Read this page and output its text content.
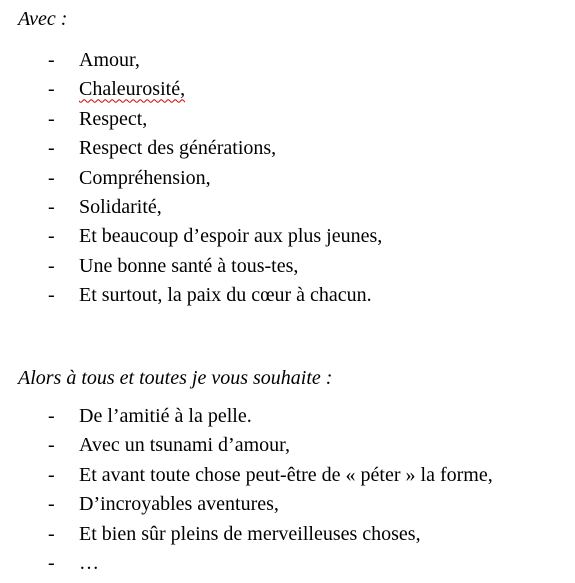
Avec :
- Amour,
- Chaleurosité,
- Respect,
- Respect des générations,
- Compréhension,
- Solidarité,
- Et beaucoup d’espoir aux plus jeunes,
- Une bonne santé à tous-tes,
- Et surtout, la paix du cœur à chacun.
Alors à tous et toutes je vous souhaite :
- De l’amitié à la pelle.
- Avec un tsunami d’amour,
- Et avant toute chose peut-être de « péter » la forme,
- D’incroyables aventures,
- Et bien sûr pleins de merveilleuses choses,
- …
